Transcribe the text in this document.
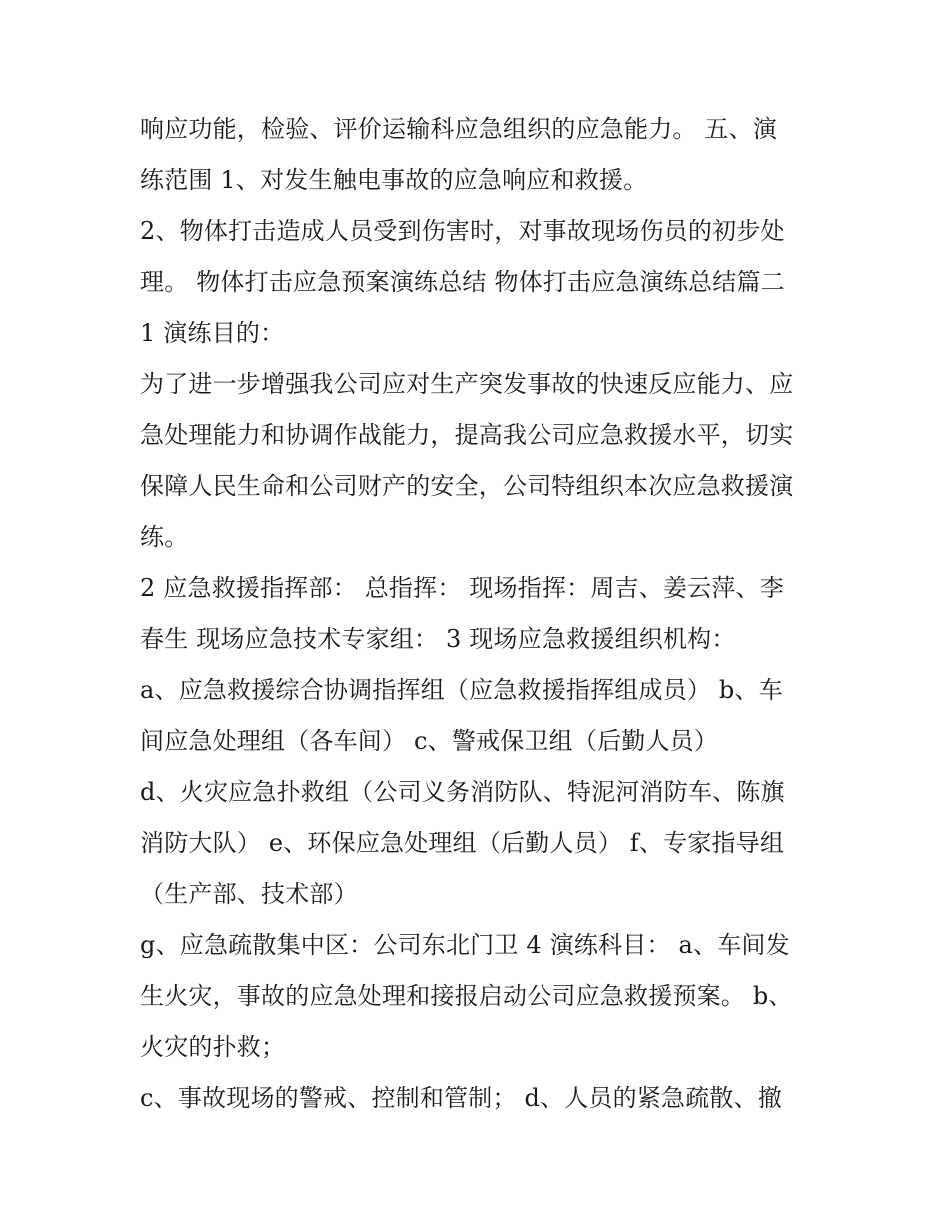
响应功能，检验、评价运输科应急组织的应急能力。 五、演
练范围 1、对发生触电事故的应急响应和救援。
2、物体打击造成人员受到伤害时，对事故现场伤员的初步处
理。 物体打击应急预案演练总结 物体打击应急演练总结篇二
1 演练目的：
为了进一步增强我公司应对生产突发事故的快速反应能力、应
急处理能力和协调作战能力，提高我公司应急救援水平，切实
保障人民生命和公司财产的安全，公司特组织本次应急救援演
练。
2 应急救援指挥部： 总指挥： 现场指挥：周吉、姜云萍、李
春生 现场应急技术专家组： 3 现场应急救援组织机构：
a、应急救援综合协调指挥组（应急救援指挥组成员） b、车
间应急处理组（各车间） c、警戒保卫组（后勤人员）
d、火灾应急扑救组（公司义务消防队、特泥河消防车、陈旗
消防大队） e、环保应急处理组（后勤人员） f、专家指导组
（生产部、技术部）
g、应急疏散集中区：公司东北门卫 4 演练科目： a、车间发
生火灾，事故的应急处理和接报启动公司应急救援预案。 b、
火灾的扑救；
c、事故现场的警戒、控制和管制； d、人员的紧急疏散、撤
